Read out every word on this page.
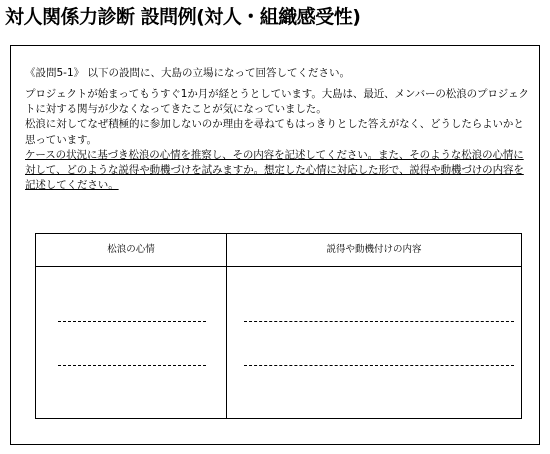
対人関係力診断 設問例(対人・組織感受性)
《設問5-1》 以下の設問に、大島の立場になって回答してください。

プロジェクトが始まってもうすぐ1か月が経とうとしています。大島は、最近、メンバーの松浪のプロジェクトに対する関与が少なくなってきたことが気になっていました。

松浪に対してなぜ積極的に参加しないのか理由を尋ねてもはっきりとした答えがなく、どうしたらよいかと思っています。

ケースの状況に基づき松浪の心情を推察し、その内容を記述してください。また、そのような松浪の心情に対して、どのような説得や動機づけを試みますか。想定した心情に対応した形で、説得や動機づけの内容を記述してください。

松浪の心情	説得や動機付けの内容
